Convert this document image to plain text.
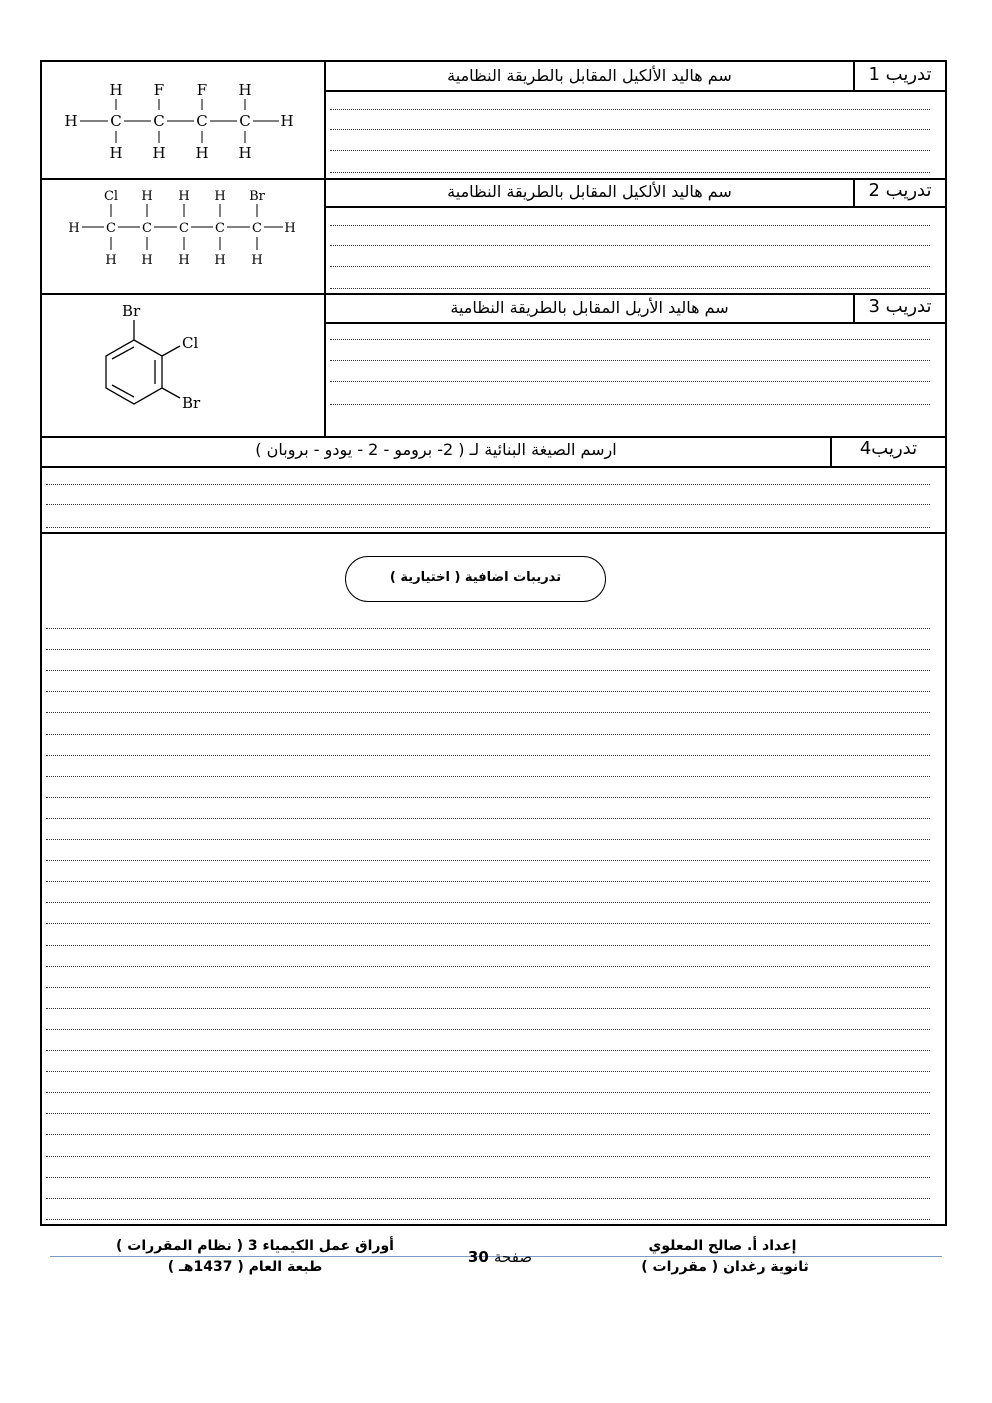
تدريب 1
سم هاليد الألكيل المقابل بالطريقة النظامية
H F F H
H C C C C H
H H H H
تدريب 2
سم هاليد الألكيل المقابل بالطريقة النظامية
Cl H H H Br
H C C C C C H
H H H H H
تدريب 3
سم هاليد الأريل المقابل بالطريقة النظامية
Br
Cl
Br
تدريب4
ارسم الصيغة البنائية لـ ( 2- برومو - 2 - يودو - بروبان )
تدريبات اضافية ( اختيارية )
إعداد أ. صالح المعلوي
ثانوية رغدان ( مقررات )
صفحة 30
أوراق عمل الكيمياء 3 ( نظام المقررات )
طبعة العام ( 1437هـ )
